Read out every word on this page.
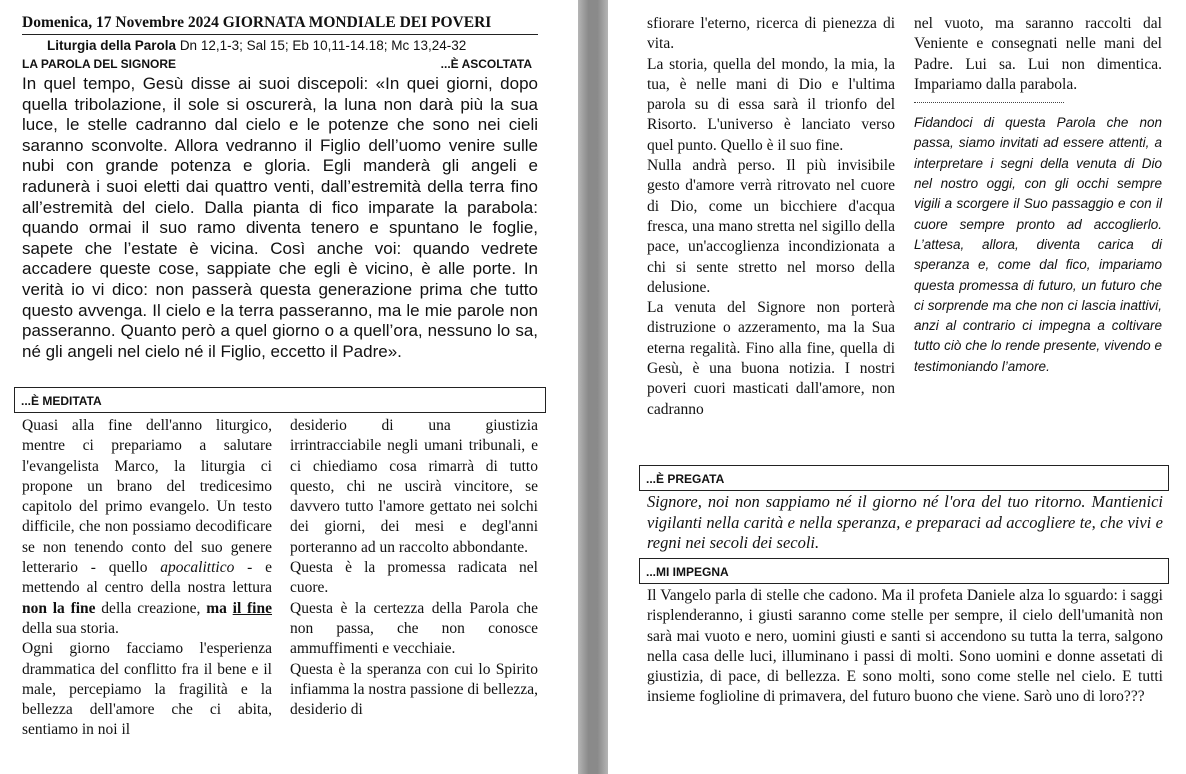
Domenica, 17 Novembre 2024 GIORNATA MONDIALE DEI POVERI
Liturgia della Parola Dn 12,1-3; Sal 15; Eb 10,11-14.18; Mc 13,24-32
LA PAROLA DEL SIGNORE	...È ASCOLTATA
In quel tempo, Gesù disse ai suoi discepoli: «In quei giorni, dopo quella tribolazione, il sole si oscurerà, la luna non darà più la sua luce, le stelle cadranno dal cielo e le potenze che sono nei cieli saranno sconvolte. Allora vedranno il Figlio dell’uomo venire sulle nubi con grande potenza e gloria. Egli manderà gli angeli e radunerà i suoi eletti dai quattro venti, dall’estremità della terra fino all’estremità del cielo. Dalla pianta di fico imparate la parabola: quando ormai il suo ramo diventa tenero e spuntano le foglie, sapete che l’estate è vicina. Così anche voi: quando vedrete accadere queste cose, sappiate che egli è vicino, è alle porte. In verità io vi dico: non passerà questa generazione prima che tutto questo avvenga. Il cielo e la terra passeranno, ma le mie parole non passeranno. Quanto però a quel giorno o a quell’ora, nessuno lo sa, né gli angeli nel cielo né il Figlio, eccetto il Padre».
...È MEDITATA

Quasi alla fine dell'anno liturgico, mentre ci prepariamo a salutare l'evangelista Marco, la liturgia ci propone un brano del tredicesimo capitolo del primo evangelo. Un testo difficile, che non possiamo decodificare se non tenendo conto del suo genere letterario - quello apocalittico - e mettendo al centro della nostra lettura non la fine della creazione, ma il fine della sua storia.

Ogni giorno facciamo l'esperienza drammatica del conflitto fra il bene e il male, percepiamo la fragilità e la bellezza dell'amore che ci abita, sentiamo in noi il

desiderio di una giustizia irrintracciabile negli umani tribunali, e ci chiediamo cosa rimarrà di tutto questo, chi ne uscirà vincitore, se davvero tutto l'amore gettato nei solchi dei giorni, dei mesi e degl'anni porteranno ad un raccolto abbondante.

Questa è la promessa radicata nel cuore.

Questa è la certezza della Parola che non passa, che non conosce ammuffimenti e vecchiaie.

Questa è la speranza con cui lo Spirito infiamma la nostra passione di bellezza, desiderio di

sfiorare l'eterno, ricerca di pienezza di vita.

La storia, quella del mondo, la mia, la tua, è nelle mani di Dio e l'ultima parola su di essa sarà il trionfo del Risorto. L'universo è lanciato verso quel punto. Quello è il suo fine.

Nulla andrà perso. Il più invisibile gesto d'amore verrà ritrovato nel cuore di Dio, come un bicchiere d'acqua fresca, una mano stretta nel sigillo della pace, un'accoglienza incondizionata a chi si sente stretto nel morso della delusione.

La venuta del Signore non porterà distruzione o azzeramento, ma la Sua eterna regalità. Fino alla fine, quella di Gesù, è una buona notizia. I nostri poveri cuori masticati dall'amore, non cadranno

nel vuoto, ma saranno raccolti dal Veniente e consegnati nelle mani del Padre. Lui sa. Lui non dimentica. Impariamo dalla parabola.

Fidandoci di questa Parola che non passa, siamo invitati ad essere attenti, a interpretare i segni della venuta di Dio nel nostro oggi, con gli occhi sempre vigili a scorgere il Suo passaggio e con il cuore sempre pronto ad accoglierlo. L’attesa, allora, diventa carica di speranza e, come dal fico, impariamo questa promessa di futuro, un futuro che ci sorprende ma che non ci lascia inattivi, anzi al contrario ci impegna a coltivare tutto ciò che lo rende presente, vivendo e testimoniando l’amore.

...È PREGATA
Signore, noi non sappiamo né il giorno né l'ora del tuo ritorno. Mantienici vigilanti nella carità e nella speranza, e preparaci ad accogliere te, che vivi e regni nei secoli dei secoli.
...MI IMPEGNA
Il Vangelo parla di stelle che cadono. Ma il profeta Daniele alza lo sguardo: i saggi risplenderanno, i giusti saranno come stelle per sempre, il cielo dell'umanità non sarà mai vuoto e nero, uomini giusti e santi si accendono su tutta la terra, salgono nella casa delle luci, illuminano i passi di molti. Sono uomini e donne assetati di giustizia, di pace, di bellezza. E sono molti, sono come stelle nel cielo. E tutti insieme foglioline di primavera, del futuro buono che viene. Sarò uno di loro???
